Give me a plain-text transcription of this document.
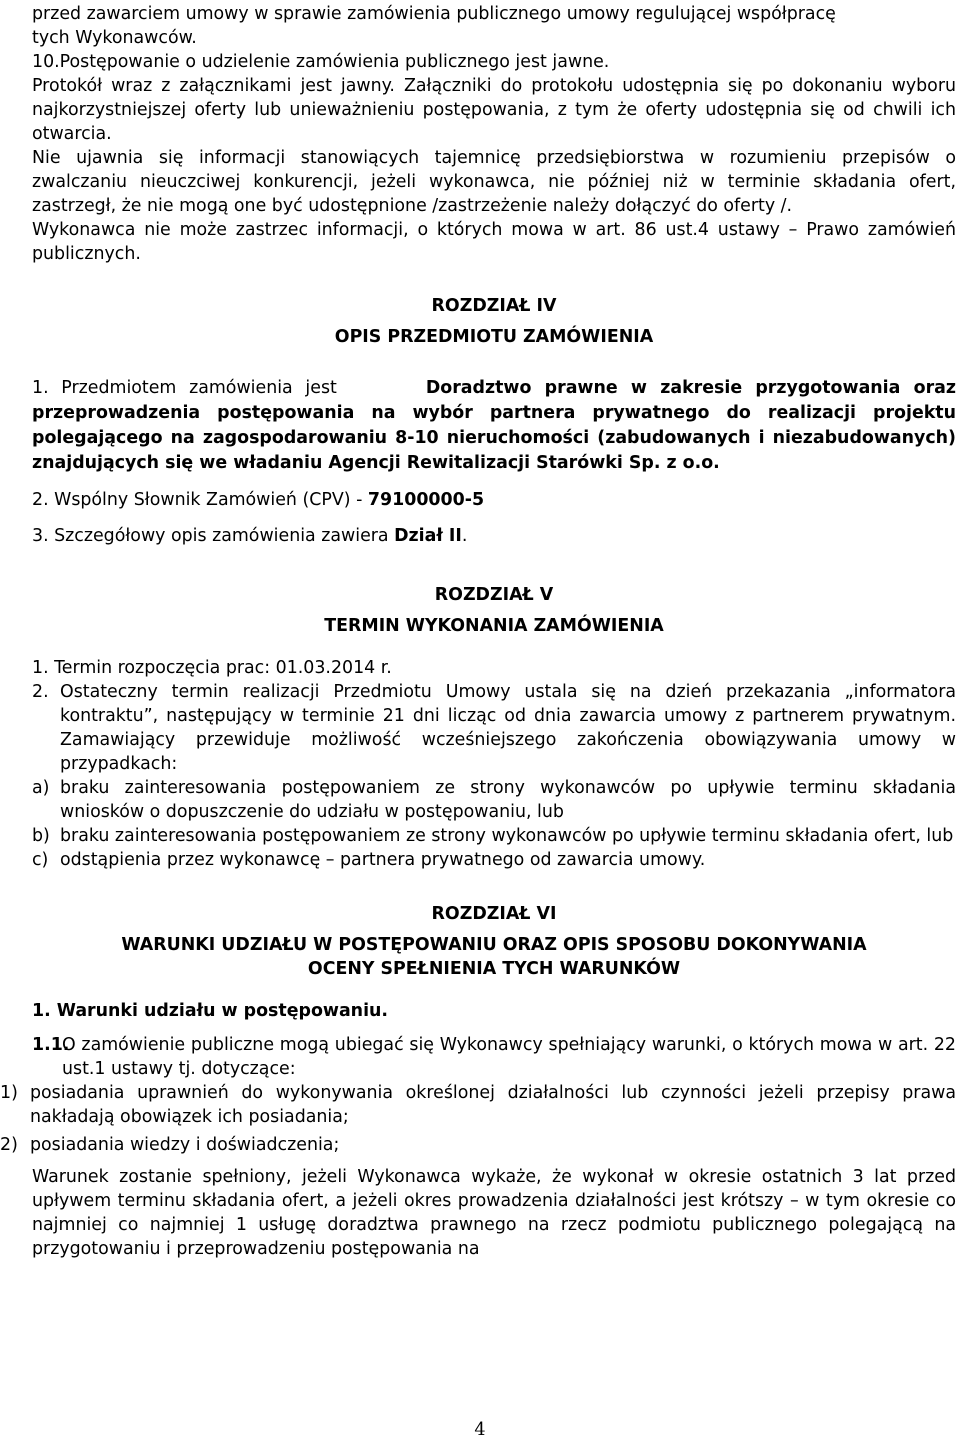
przed zawarciem umowy w sprawie zamówienia publicznego umowy regulującej współpracę

tych Wykonawców.

10. Postępowanie o udzielenie zamówienia publicznego jest jawne.

Protokół wraz z załącznikami jest jawny. Załączniki do protokołu udostępnia się po dokonaniu wyboru najkorzystniejszej oferty lub unieważnieniu postępowania, z tym że oferty udostępnia się od chwili ich otwarcia.

Nie ujawnia się informacji stanowiących tajemnicę przedsiębiorstwa w rozumieniu przepisów o zwalczaniu nieuczciwej konkurencji, jeżeli wykonawca, nie później niż w terminie składania ofert, zastrzegł, że nie mogą one być udostępnione /zastrzeżenie należy dołączyć do oferty /.

Wykonawca nie może zastrzec informacji, o których mowa w art. 86 ust.4 ustawy – Prawo zamówień publicznych.

ROZDZIAŁ IV

OPIS PRZEDMIOTU ZAMÓWIENIA

1. Przedmiotem zamówienia jest	Doradztwo prawne w zakresie przygotowania oraz przeprowadzenia postępowania na wybór partnera prywatnego do realizacji projektu polegającego na zagospodarowaniu 8-10 nieruchomości (zabudowanych i niezabudowanych) znajdujących się we władaniu Agencji Rewitalizacji Starówki Sp. z o.o.

2. Wspólny Słownik Zamówień (CPV) - 79100000-5

3. Szczegółowy opis zamówienia zawiera Dział II.

ROZDZIAŁ V

TERMIN WYKONANIA ZAMÓWIENIA

1. Termin rozpoczęcia prac: 01.03.2014 r.

2. Ostateczny termin realizacji Przedmiotu Umowy ustala się na dzień przekazania „informatora kontraktu”, następujący w terminie 21 dni licząc od dnia zawarcia umowy z partnerem prywatnym. Zamawiający przewiduje możliwość wcześniejszego zakończenia obowiązywania umowy w przypadkach:
a) braku zainteresowania postępowaniem ze strony wykonawców po upływie terminu składania wniosków o dopuszczenie do udziału w postępowaniu, lub
b) braku zainteresowania postępowaniem ze strony wykonawców po upływie terminu składania ofert, lub
c) odstąpienia przez wykonawcę – partnera prywatnego od zawarcia umowy.

ROZDZIAŁ VI

WARUNKI UDZIAŁU W POSTĘPOWANIU ORAZ OPIS SPOSOBU DOKONYWANIA

OCENY SPEŁNIENIA TYCH WARUNKÓW

1. Warunki udziału w postępowaniu.

1.1.
O zamówienie publiczne mogą ubiegać się Wykonawcy spełniający warunki, o których mowa w art. 22 ust.1 ustawy tj. dotyczące:
1) posiadania uprawnień do wykonywania określonej działalności lub czynności jeżeli przepisy prawa nakładają obowiązek ich posiadania;
2) posiadania wiedzy i doświadczenia;

Warunek zostanie spełniony, jeżeli Wykonawca wykaże, że wykonał w okresie ostatnich 3 lat przed upływem terminu składania ofert, a jeżeli okres prowadzenia działalności jest krótszy – w tym okresie co najmniej co najmniej 1 usługę doradztwa prawnego na rzecz podmiotu publicznego polegającą na przygotowaniu i przeprowadzeniu postępowania na

4
